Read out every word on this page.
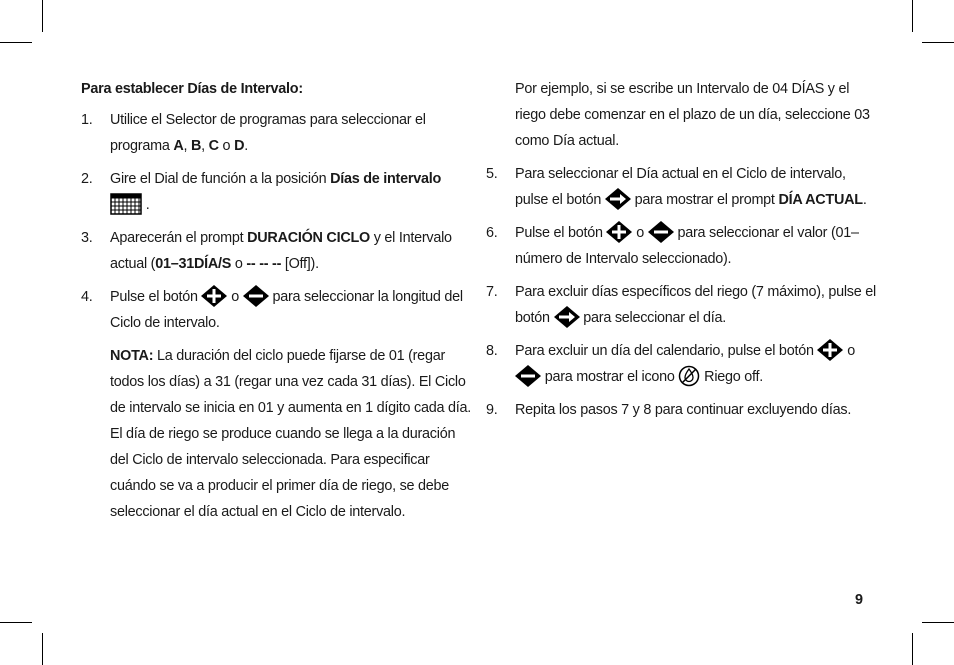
Para establecer Días de Intervalo:
1. Utilice el Selector de programas para seleccionar el programa A, B, C o D.
2. Gire el Dial de función a la posición Días de intervalo

.
3. Aparecerán el prompt DURACIÓN CICLO y el Intervalo actual (01–31DÍA/S o -- -- -- [Off]).
4. Pulse el botón
o
para seleccionar la longitud del Ciclo de intervalo.
NOTA: La duración del ciclo puede fijarse de 01 (regar todos los días) a 31 (regar una vez cada 31 días). El Ciclo de intervalo se inicia en 01 y aumenta en 1 dígito cada día. El día de riego se produce cuando se llega a la duración del Ciclo de intervalo seleccionada. Para especificar cuándo se va a producir el primer día de riego, se debe seleccionar el día actual en el Ciclo de intervalo.
Por ejemplo, si se escribe un Intervalo de 04 DÍAS y el riego debe comenzar en el plazo de un día, seleccione 03 como Día actual.
5. Para seleccionar el Día actual en el Ciclo de intervalo, pulse el botón
para mostrar el prompt DÍA ACTUAL.
6. Pulse el botón
o
para seleccionar el valor (01–número de Intervalo seleccionado).
7. Para excluir días específicos del riego (7 máximo), pulse el botón
para seleccionar el día.
8. Para excluir un día del calendario, pulse el botón
o

para mostrar el icono
Riego off.
9. Repita los pasos 7 y 8 para continuar excluyendo días.
9
